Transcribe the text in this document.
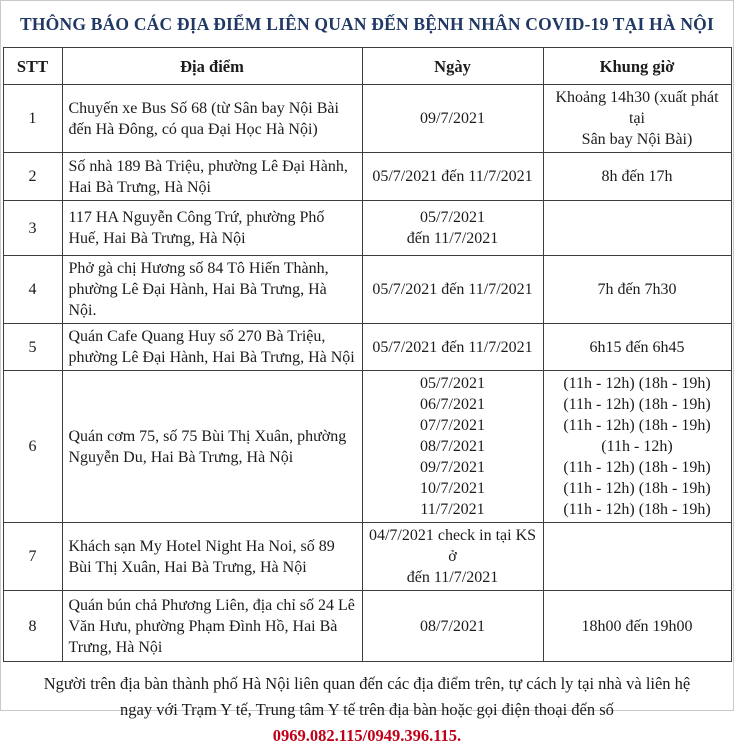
THÔNG BÁO CÁC ĐỊA ĐIỂM LIÊN QUAN ĐẾN BỆNH NHÂN COVID-19 TẠI HÀ NỘI
STT	Địa điểm	Ngày	Khung giờ
1	Chuyến xe Bus Số 68 (từ Sân bay Nội Bài đến Hà Đông, có qua Đại Học Hà Nội)	09/7/2021	Khoảng 14h30 (xuất phát tại
Sân bay Nội Bài)
2	Số nhà 189 Bà Triệu, phường Lê Đại Hành, Hai Bà Trưng, Hà Nội	05/7/2021 đến 11/7/2021	8h đến 17h
3	117 HA Nguyễn Công Trứ, phường Phố Huế, Hai Bà Trưng, Hà Nội	05/7/2021
đến 11/7/2021	
4	Phở gà chị Hương số 84 Tô Hiến Thành, phường Lê Đại Hành, Hai Bà Trưng, Hà Nội.	05/7/2021 đến 11/7/2021	7h đến 7h30
5	Quán Cafe Quang Huy số 270 Bà Triệu, phường Lê Đại Hành, Hai Bà Trưng, Hà Nội	05/7/2021 đến 11/7/2021	6h15 đến 6h45
6	Quán cơm 75, số 75 Bùi Thị Xuân, phường Nguyễn Du, Hai Bà Trưng, Hà Nội	05/7/2021
06/7/2021
07/7/2021
08/7/2021
09/7/2021
10/7/2021
11/7/2021	(11h - 12h) (18h - 19h)
(11h - 12h) (18h - 19h)
(11h - 12h) (18h - 19h)
(11h - 12h)
(11h - 12h) (18h - 19h)
(11h - 12h) (18h - 19h)
(11h - 12h) (18h - 19h)
7	Khách sạn My Hotel Night Ha Noi, số 89 Bùi Thị Xuân, Hai Bà Trưng, Hà Nội	04/7/2021 check in tại KS ở
đến 11/7/2021	
8	Quán bún chả Phương Liên, địa chỉ số 24 Lê Văn Hưu, phường Phạm Đình Hồ, Hai Bà Trưng, Hà Nội	08/7/2021	18h00 đến 19h00
Người trên địa bàn thành phố Hà Nội liên quan đến các địa điểm trên, tự cách ly tại nhà và liên hệ
ngay với Trạm Y tế, Trung tâm Y tế trên địa bàn hoặc gọi điện thoại đến số
0969.082.115/0949.396.115.
